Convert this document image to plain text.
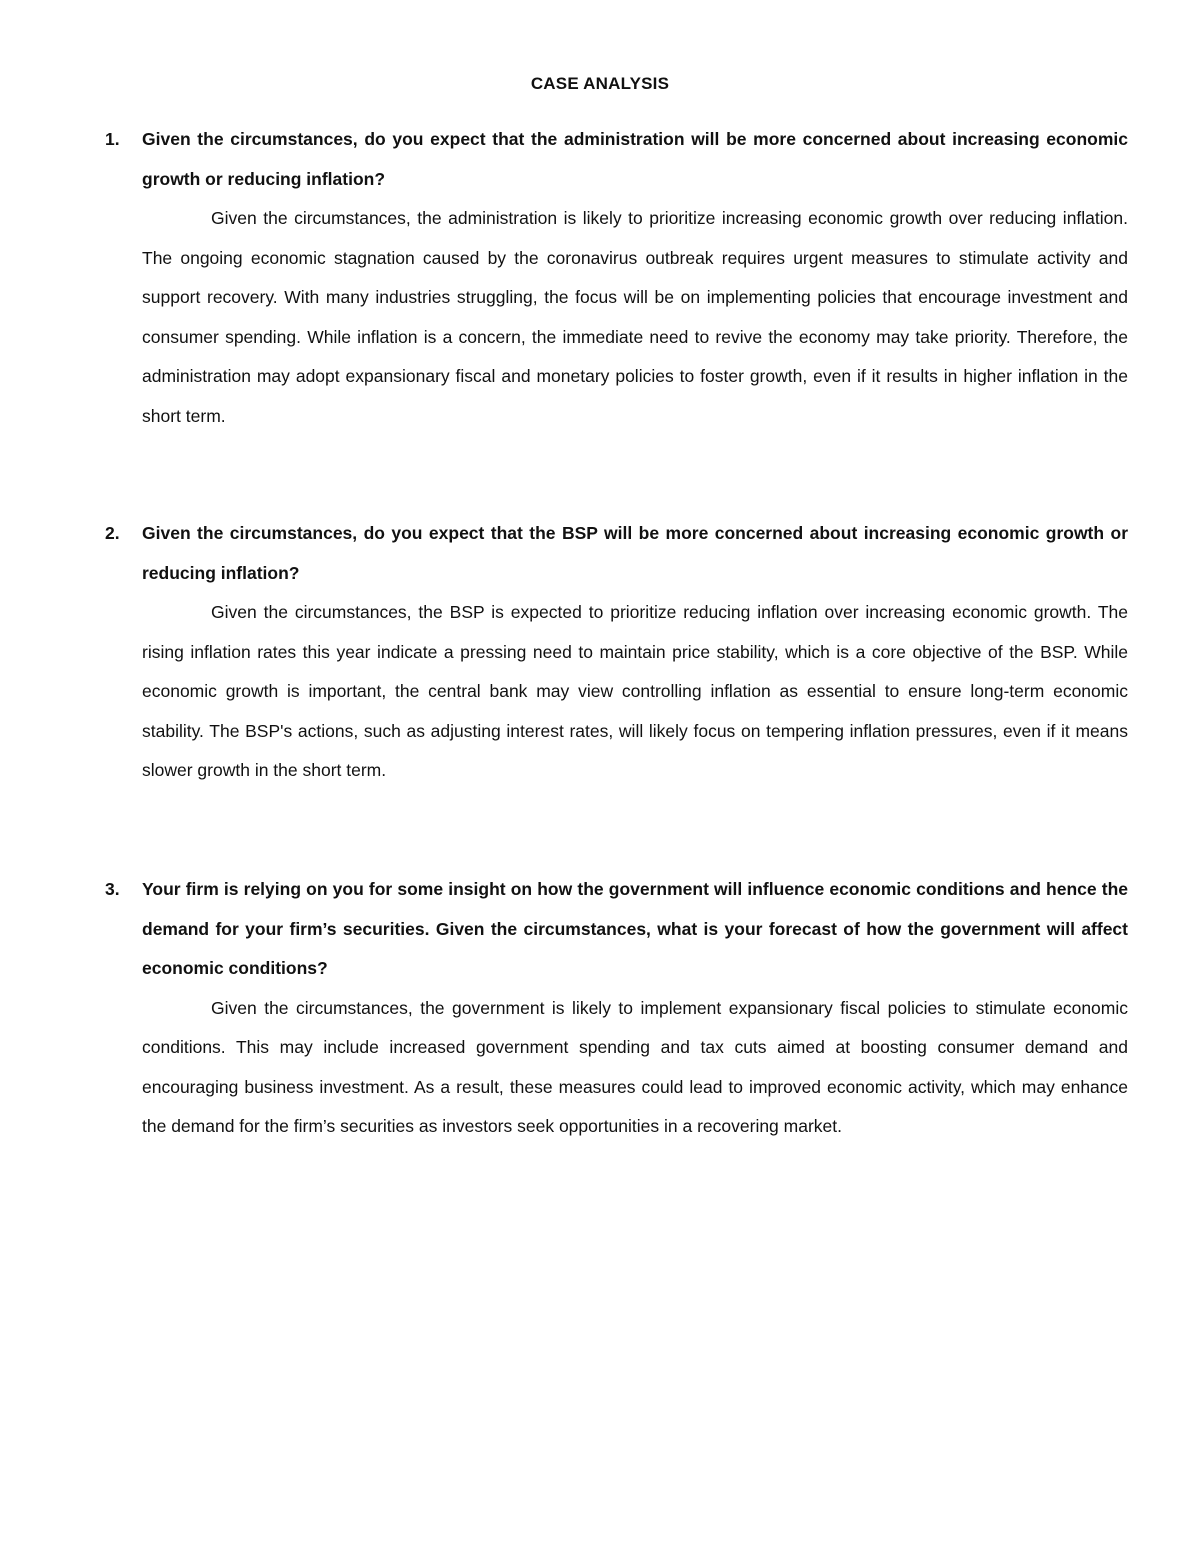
CASE ANALYSIS
1. Given the circumstances, do you expect that the administration will be more concerned about increasing economic growth or reducing inflation?

Given the circumstances, the administration is likely to prioritize increasing economic growth over reducing inflation. The ongoing economic stagnation caused by the coronavirus outbreak requires urgent measures to stimulate activity and support recovery. With many industries struggling, the focus will be on implementing policies that encourage investment and consumer spending. While inflation is a concern, the immediate need to revive the economy may take priority. Therefore, the administration may adopt expansionary fiscal and monetary policies to foster growth, even if it results in higher inflation in the short term.

2. Given the circumstances, do you expect that the BSP will be more concerned about increasing economic growth or reducing inflation?

Given the circumstances, the BSP is expected to prioritize reducing inflation over increasing economic growth. The rising inflation rates this year indicate a pressing need to maintain price stability, which is a core objective of the BSP. While economic growth is important, the central bank may view controlling inflation as essential to ensure long-term economic stability. The BSP's actions, such as adjusting interest rates, will likely focus on tempering inflation pressures, even if it means slower growth in the short term.

3. Your firm is relying on you for some insight on how the government will influence economic conditions and hence the demand for your firm’s securities. Given the circumstances, what is your forecast of how the government will affect economic conditions?

Given the circumstances, the government is likely to implement expansionary fiscal policies to stimulate economic conditions. This may include increased government spending and tax cuts aimed at boosting consumer demand and encouraging business investment. As a result, these measures could lead to improved economic activity, which may enhance the demand for the firm’s securities as investors seek opportunities in a recovering market.
